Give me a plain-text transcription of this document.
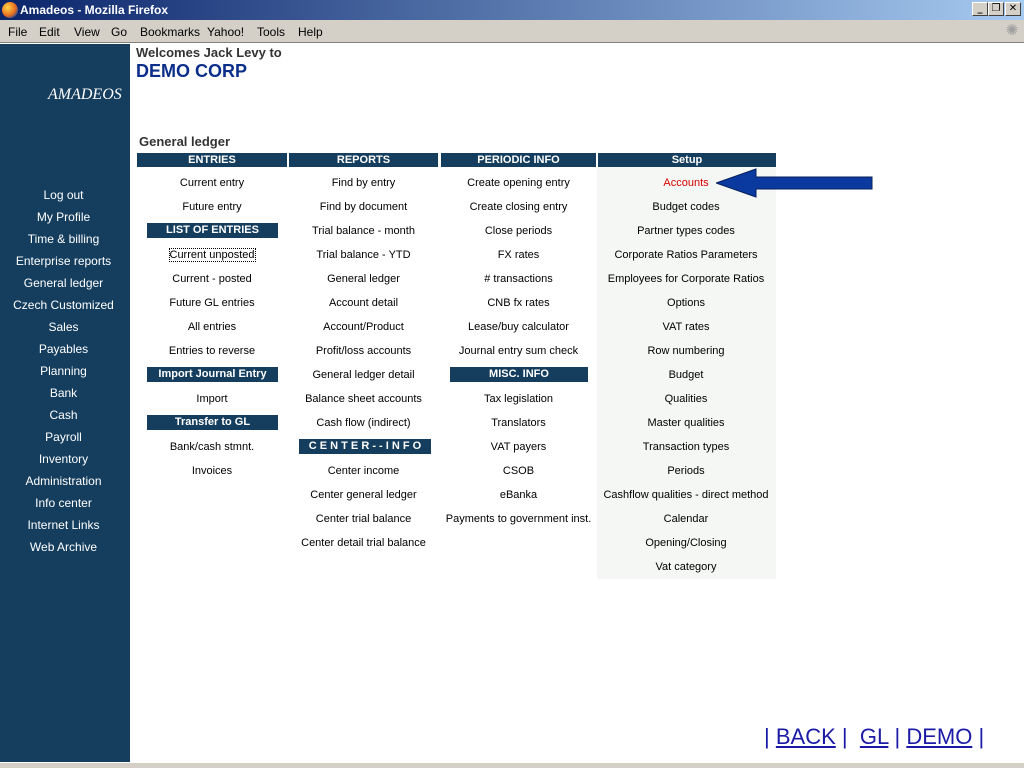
Amadeos - Mozilla Firefox	_ ❐ ✕
File Edit View Go Bookmarks Yahoo! Tools Help	✺
AMADEOS
Log out
My Profile
Time & billing
Enterprise reports
General ledger
Czech Customized
Sales
Payables
Planning
Bank
Cash
Payroll
Inventory
Administration
Info center
Internet Links
Web Archive
Welcomes Jack Levy to
DEMO CORP
General ledger
ENTRIES	REPORTS	PERIODIC INFO	Setup
Current entry
Future entry
LIST OF ENTRIES
Current unposted
Current - posted
Future GL entries
All entries
Entries to reverse
Import Journal Entry
Import
Transfer to GL
Bank/cash stmnt.
Invoices
Find by entry
Find by document
Trial balance - month
Trial balance - YTD
General ledger
Account detail
Account/Product
Profit/loss accounts
General ledger detail
Balance sheet accounts
Cash flow (indirect)
C E N T E R - - I N F O
Center income
Center general ledger
Center trial balance
Center detail trial balance
Create opening entry
Create closing entry
Close periods
FX rates
# transactions
CNB fx rates
Lease/buy calculator
Journal entry sum check
MISC. INFO
Tax legislation
Translators
VAT payers
CSOB
eBanka
Payments to government inst.
Accounts
Budget codes
Partner types codes
Corporate Ratios Parameters
Employees for Corporate Ratios
Options
VAT rates
Row numbering
Budget
Qualities
Master qualities
Transaction types
Periods
Cashflow qualities - direct method
Calendar
Opening/Closing
Vat category
| BACK | GL | DEMO |
